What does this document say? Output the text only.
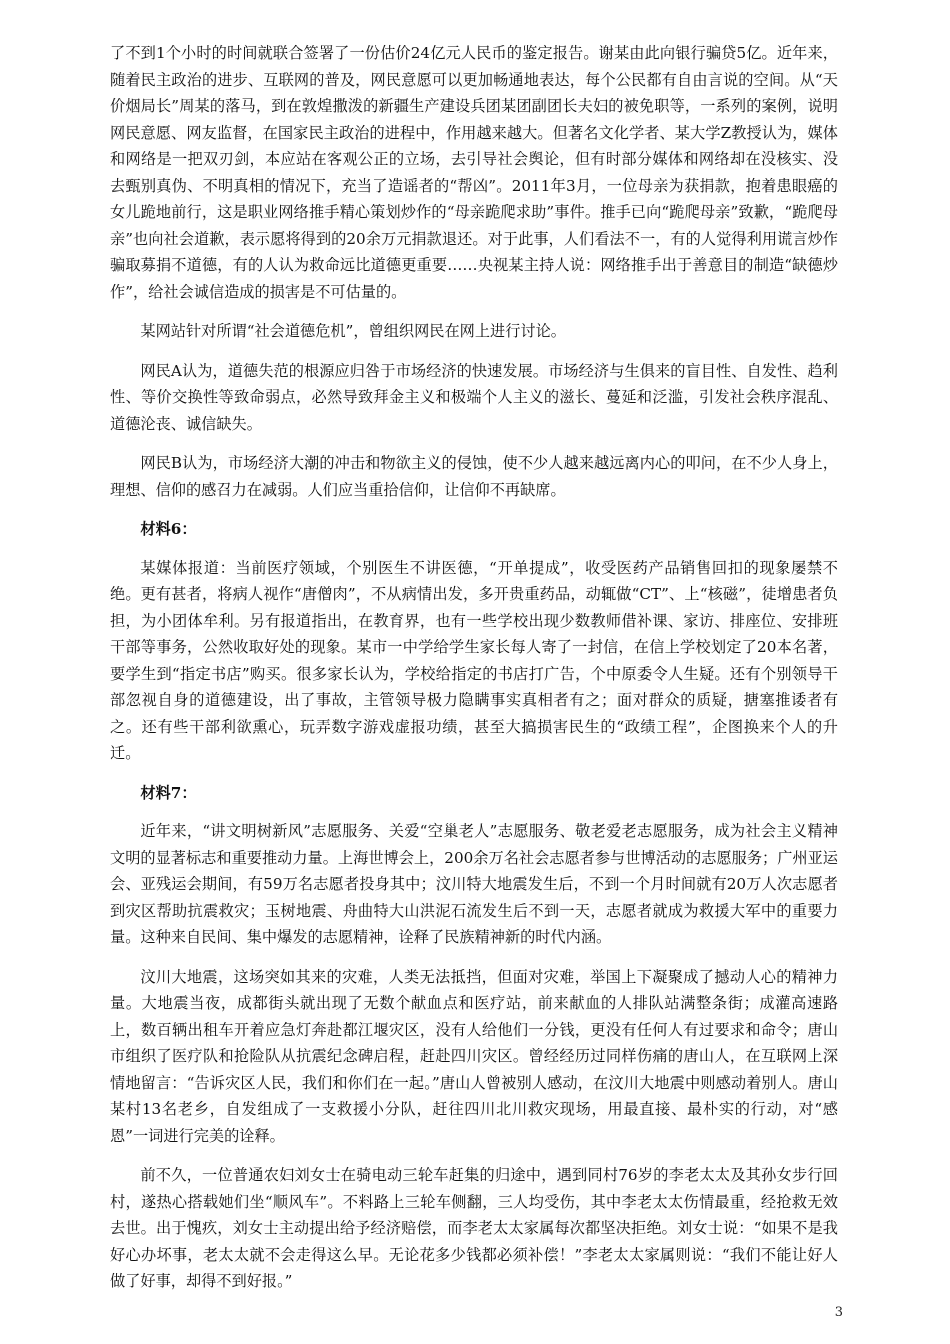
了不到1个小时的时间就联合签署了一份估价24亿元人民币的鉴定报告。谢某由此向银行骗贷5亿。近年来，随着民主政治的进步、互联网的普及，网民意愿可以更加畅通地表达，每个公民都有自由言说的空间。从“天价烟局长”周某的落马，到在敦煌撒泼的新疆生产建设兵团某团副团长夫妇的被免职等，一系列的案例，说明网民意愿、网友监督，在国家民主政治的进程中，作用越来越大。但著名文化学者、某大学Z教授认为，媒体和网络是一把双刃剑，本应站在客观公正的立场，去引导社会舆论，但有时部分媒体和网络却在没核实、没去甄别真伪、不明真相的情况下，充当了造谣者的“帮凶”。2011年3月，一位母亲为获捐款，抱着患眼癌的女儿跪地前行，这是职业网络推手精心策划炒作的“母亲跪爬求助”事件。推手已向“跪爬母亲”致歉，“跪爬母亲”也向社会道歉，表示愿将得到的20余万元捐款退还。对于此事，人们看法不一，有的人觉得利用谎言炒作骗取募捐不道德，有的人认为救命远比道德更重要……央视某主持人说：网络推手出于善意目的制造“缺德炒作”，给社会诚信造成的损害是不可估量的。

某网站针对所谓“社会道德危机”，曾组织网民在网上进行讨论。

网民A认为，道德失范的根源应归咎于市场经济的快速发展。市场经济与生俱来的盲目性、自发性、趋利性、等价交换性等致命弱点，必然导致拜金主义和极端个人主义的滋长、蔓延和泛滥，引发社会秩序混乱、道德沦丧、诚信缺失。

网民B认为，市场经济大潮的冲击和物欲主义的侵蚀，使不少人越来越远离内心的叩问，在不少人身上，理想、信仰的感召力在减弱。人们应当重拾信仰，让信仰不再缺席。

材料6：

某媒体报道：当前医疗领域，个别医生不讲医德，“开单提成”，收受医药产品销售回扣的现象屡禁不绝。更有甚者，将病人视作“唐僧肉”，不从病情出发，多开贵重药品，动辄做“CT”、上“核磁”，徒增患者负担，为小团体牟利。另有报道指出，在教育界，也有一些学校出现少数教师借补课、家访、排座位、安排班干部等事务，公然收取好处的现象。某市一中学给学生家长每人寄了一封信，在信上学校划定了20本名著，要学生到“指定书店”购买。很多家长认为，学校给指定的书店打广告，个中原委令人生疑。还有个别领导干部忽视自身的道德建设，出了事故，主管领导极力隐瞒事实真相者有之；面对群众的质疑，搪塞推诿者有之。还有些干部利欲熏心，玩弄数字游戏虚报功绩，甚至大搞损害民生的“政绩工程”，企图换来个人的升迁。

材料7：

近年来，“讲文明树新风”志愿服务、关爱“空巢老人”志愿服务、敬老爱老志愿服务，成为社会主义精神文明的显著标志和重要推动力量。上海世博会上，200余万名社会志愿者参与世博活动的志愿服务；广州亚运会、亚残运会期间，有59万名志愿者投身其中；汶川特大地震发生后，不到一个月时间就有20万人次志愿者到灾区帮助抗震救灾；玉树地震、舟曲特大山洪泥石流发生后不到一天，志愿者就成为救援大军中的重要力量。这种来自民间、集中爆发的志愿精神，诠释了民族精神新的时代内涵。

汶川大地震，这场突如其来的灾难，人类无法抵挡，但面对灾难，举国上下凝聚成了撼动人心的精神力量。大地震当夜，成都街头就出现了无数个献血点和医疗站，前来献血的人排队站满整条街；成灌高速路上，数百辆出租车开着应急灯奔赴都江堰灾区，没有人给他们一分钱，更没有任何人有过要求和命令；唐山市组织了医疗队和抢险队从抗震纪念碑启程，赶赴四川灾区。曾经经历过同样伤痛的唐山人，在互联网上深情地留言：“告诉灾区人民，我们和你们在一起。”唐山人曾被别人感动，在汶川大地震中则感动着别人。唐山某村13名老乡，自发组成了一支救援小分队，赶往四川北川救灾现场，用最直接、最朴实的行动，对“感恩”一词进行完美的诠释。

前不久，一位普通农妇刘女士在骑电动三轮车赶集的归途中，遇到同村76岁的李老太太及其孙女步行回村，遂热心搭载她们坐“顺风车”。不料路上三轮车侧翻，三人均受伤，其中李老太太伤情最重，经抢救无效去世。出于愧疚，刘女士主动提出给予经济赔偿，而李老太太家属每次都坚决拒绝。刘女士说：“如果不是我好心办坏事，老太太就不会走得这么早。无论花多少钱都必须补偿！”李老太太家属则说：“我们不能让好人做了好事，却得不到好报。”

3
